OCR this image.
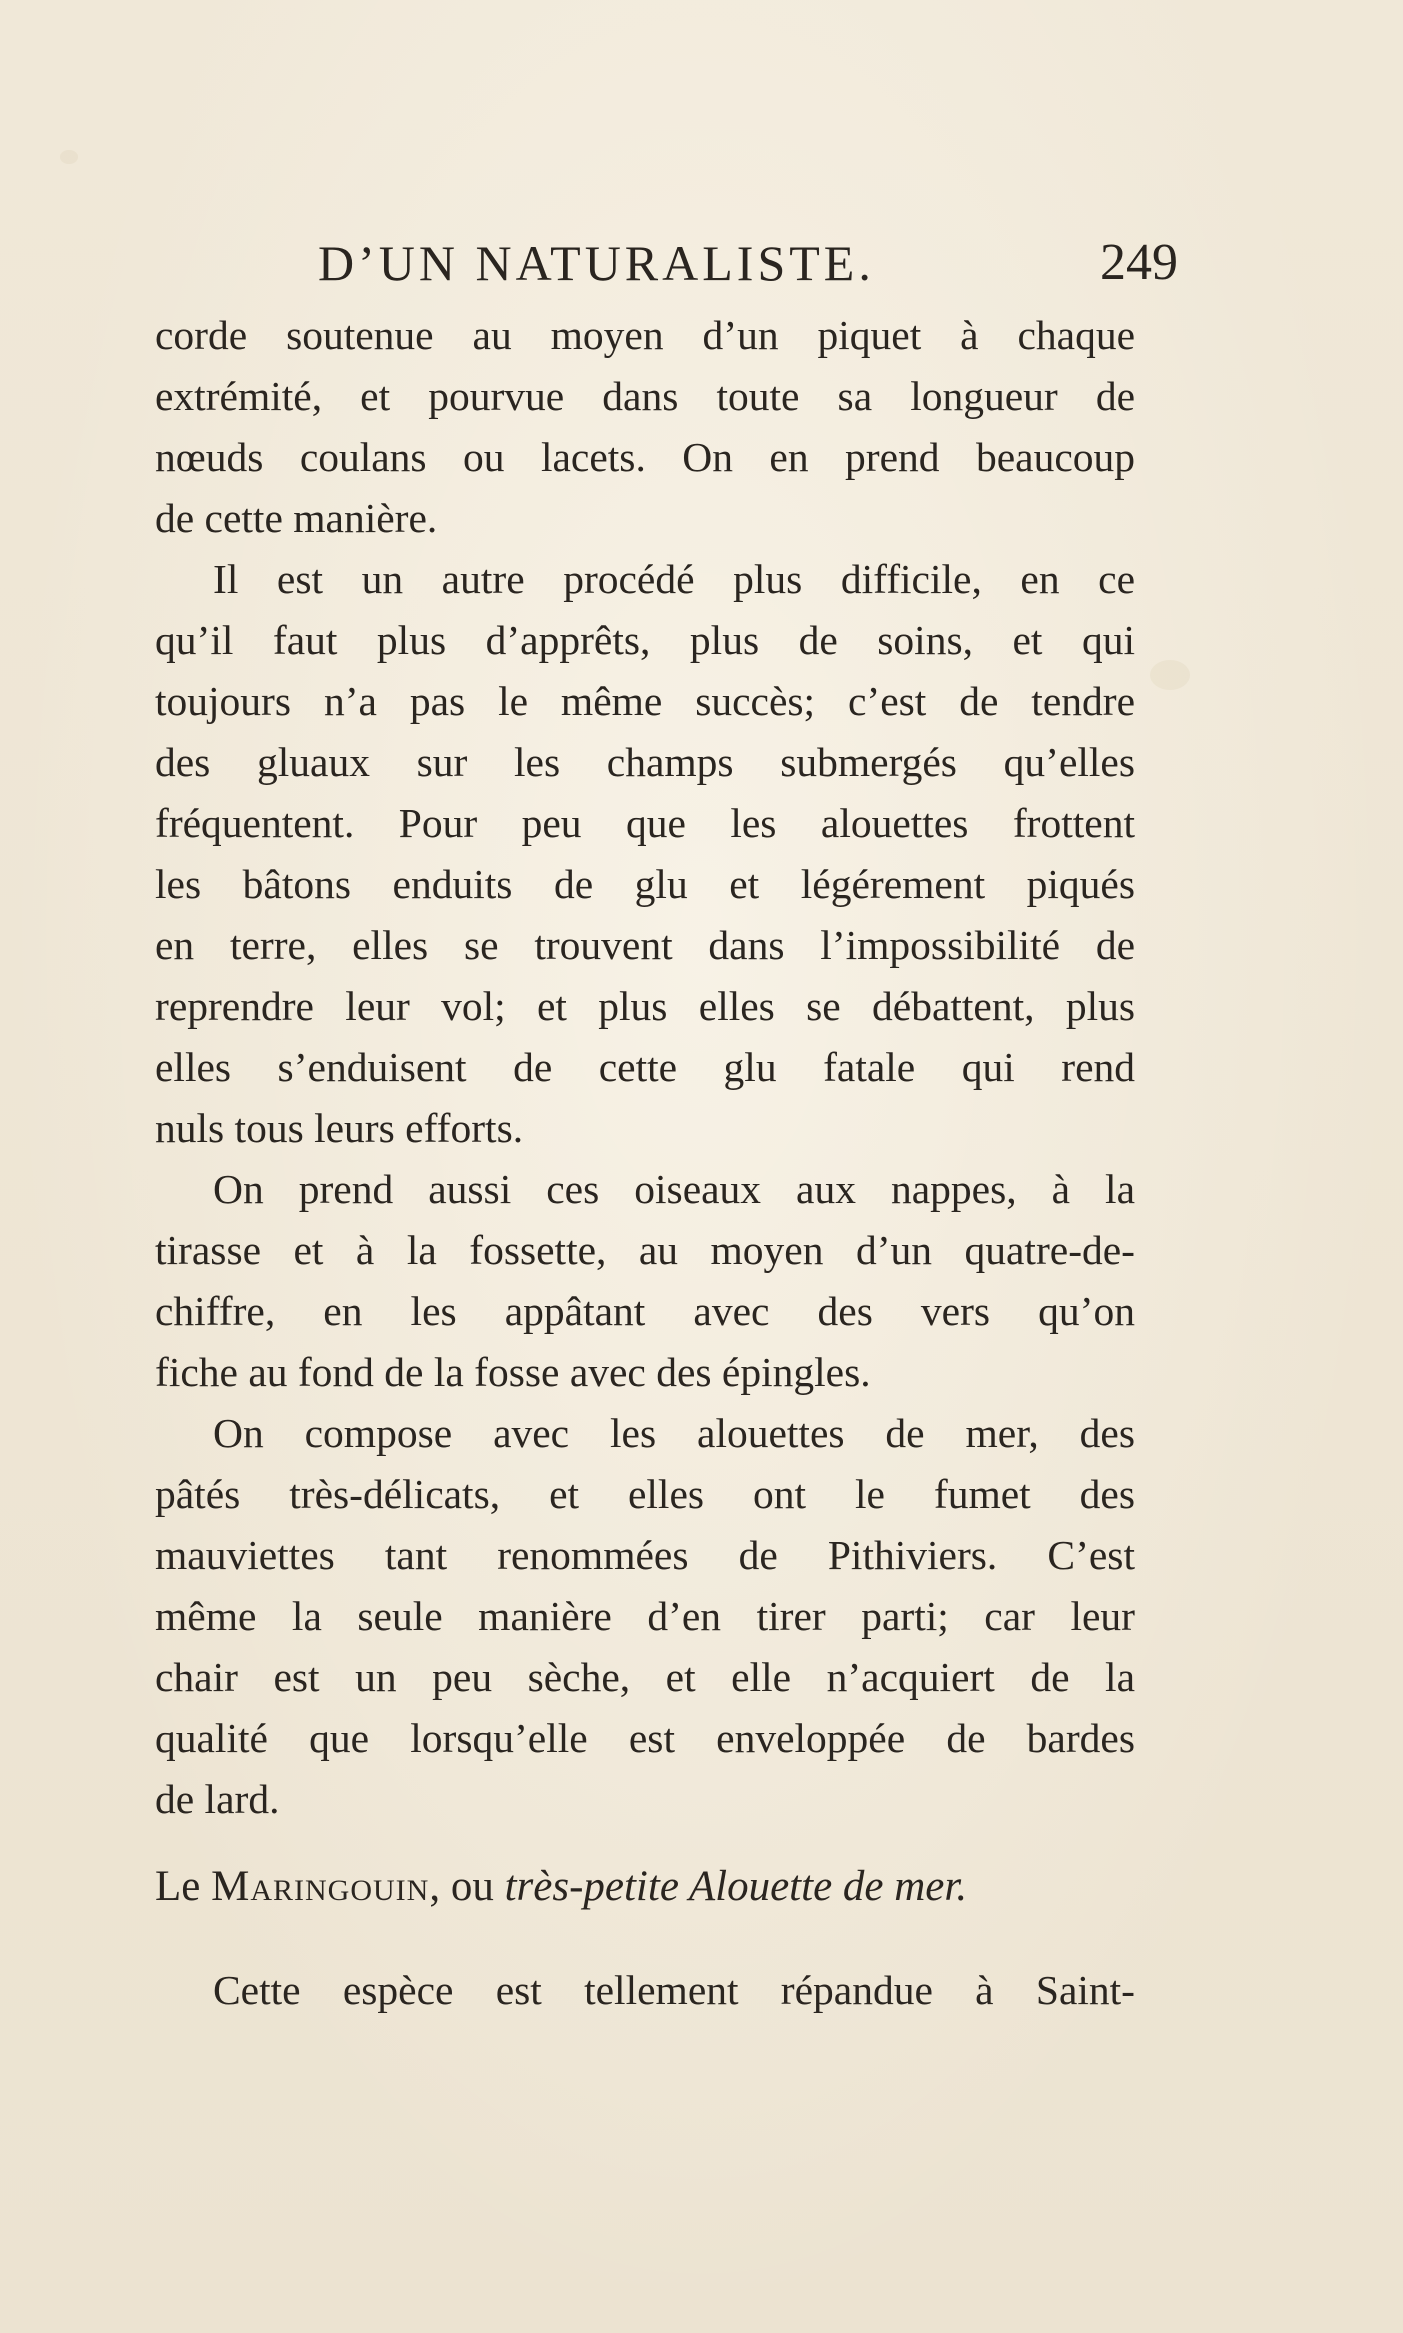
D’UN NATURALISTE.	249
corde soutenue au moyen d’un piquet à chaque
extrémité, et pourvue dans toute sa longueur de
nœuds coulans ou lacets. On en prend beaucoup
de cette manière.
Il est un autre procédé plus difficile, en ce
qu’il faut plus d’apprêts, plus de soins, et qui
toujours n’a pas le même succès; c’est de tendre
des gluaux sur les champs submergés qu’elles
fréquentent. Pour peu que les alouettes frottent
les bâtons enduits de glu et légérement piqués
en terre, elles se trouvent dans l’impossibilité de
reprendre leur vol; et plus elles se débattent, plus
elles s’enduisent de cette glu fatale qui rend
nuls tous leurs efforts.
On prend aussi ces oiseaux aux nappes, à la
tirasse et à la fossette, au moyen d’un quatre-de-
chiffre, en les appâtant avec des vers qu’on
fiche au fond de la fosse avec des épingles.
On compose avec les alouettes de mer, des
pâtés très-délicats, et elles ont le fumet des
mauviettes tant renommées de Pithiviers. C’est
même la seule manière d’en tirer parti; car leur
chair est un peu sèche, et elle n’acquiert de la
qualité que lorsqu’elle est enveloppée de bardes
de lard.
Le Maringouin, ou très-petite Alouette de mer.
Cette espèce est tellement répandue à Saint-
